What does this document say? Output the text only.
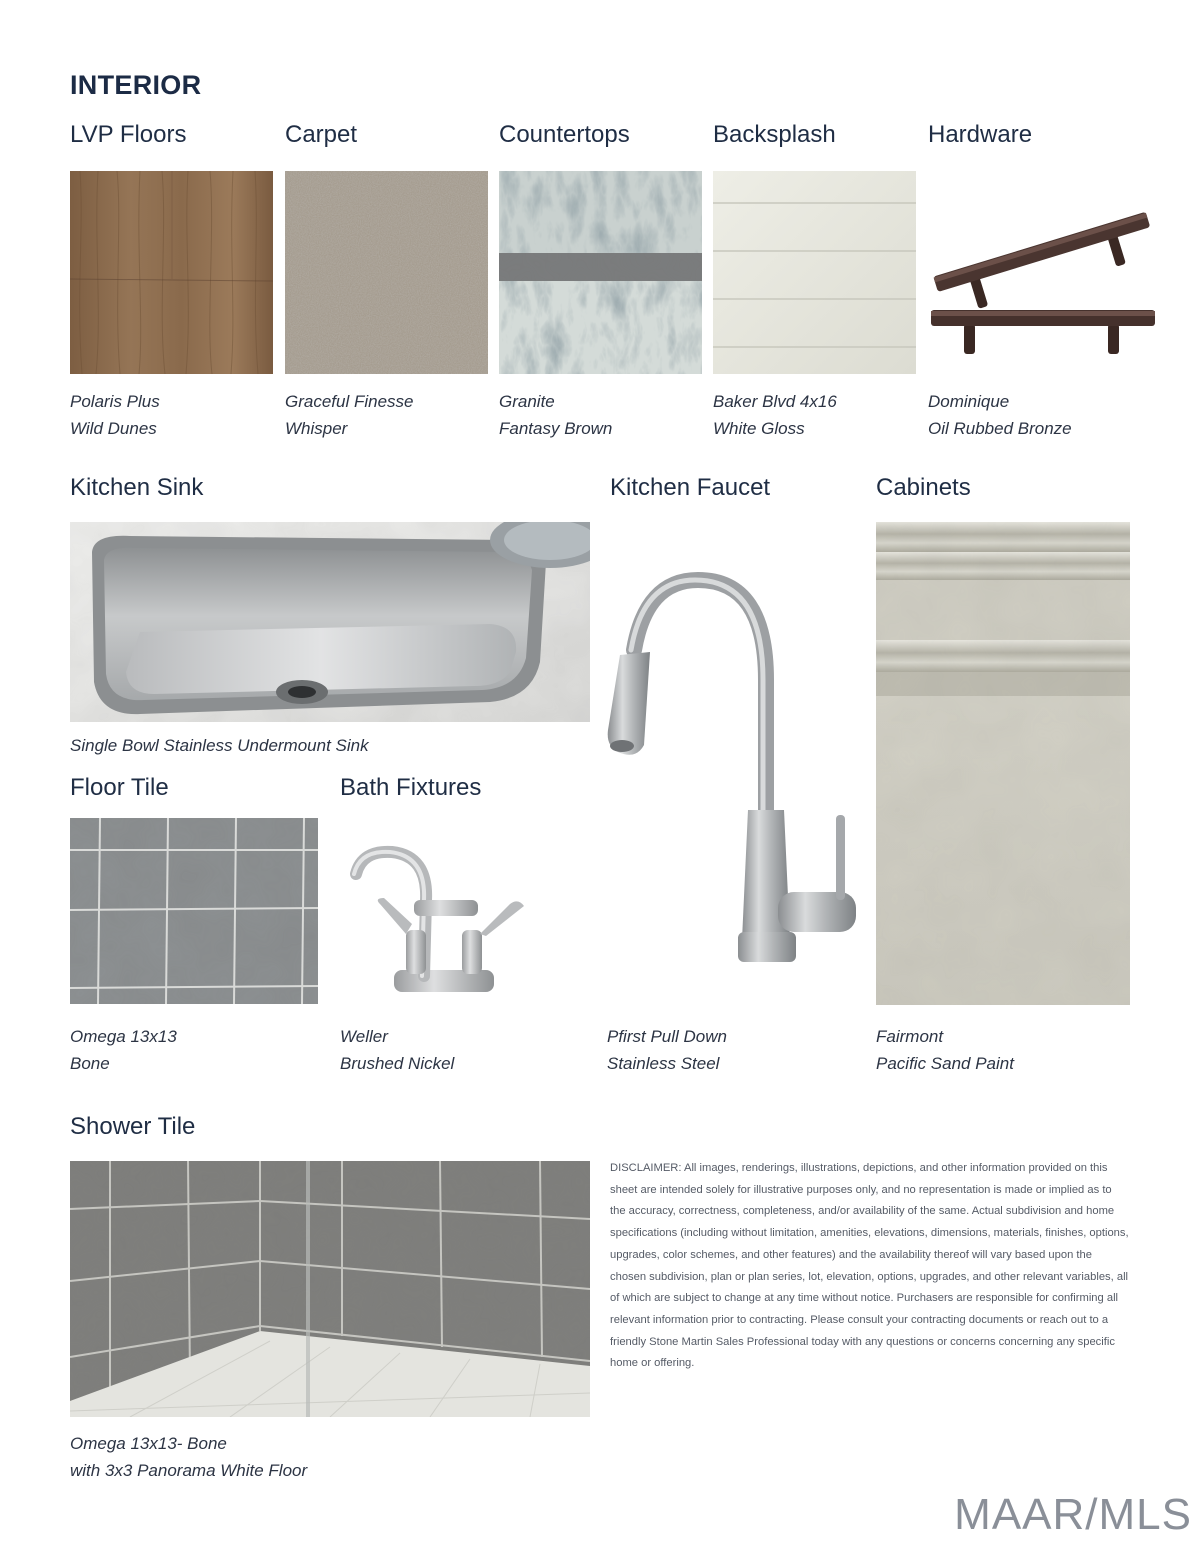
INTERIOR
LVP Floors	Carpet	Countertops	Backsplash	Hardware
Polaris Plus
Wild Dunes
Graceful Finesse
Whisper
Granite
Fantasy Brown
Baker Blvd 4x16
White Gloss
Dominique
Oil Rubbed Bronze
Kitchen Sink	Kitchen Faucet	Cabinets
Single Bowl Stainless Undermount Sink
Floor Tile	Bath Fixtures
Omega 13x13
Bone
Weller
Brushed Nickel
Pfirst Pull Down
Stainless Steel
Fairmont
Pacific Sand Paint
Shower Tile
Omega 13x13- Bone
with 3x3 Panorama White Floor
DISCLAIMER: All images, renderings, illustrations, depictions, and other information provided on this sheet are intended solely for illustrative purposes only, and no representation is made or implied as to the accuracy, correctness, completeness, and/or availability of the same. Actual subdivision and home specifications (including without limitation, amenities, elevations, dimensions, materials, finishes, options, upgrades, color schemes, and other features) and the availability thereof will vary based upon the chosen subdivision, plan or plan series, lot, elevation, options, upgrades, and other relevant variables, all of which are subject to change at any time without notice. Purchasers are responsible for confirming all relevant information prior to contracting. Please consult your contracting documents or reach out to a friendly Stone Martin Sales Professional today with any questions or concerns concerning any specific home or offering.
MAAR/MLS
